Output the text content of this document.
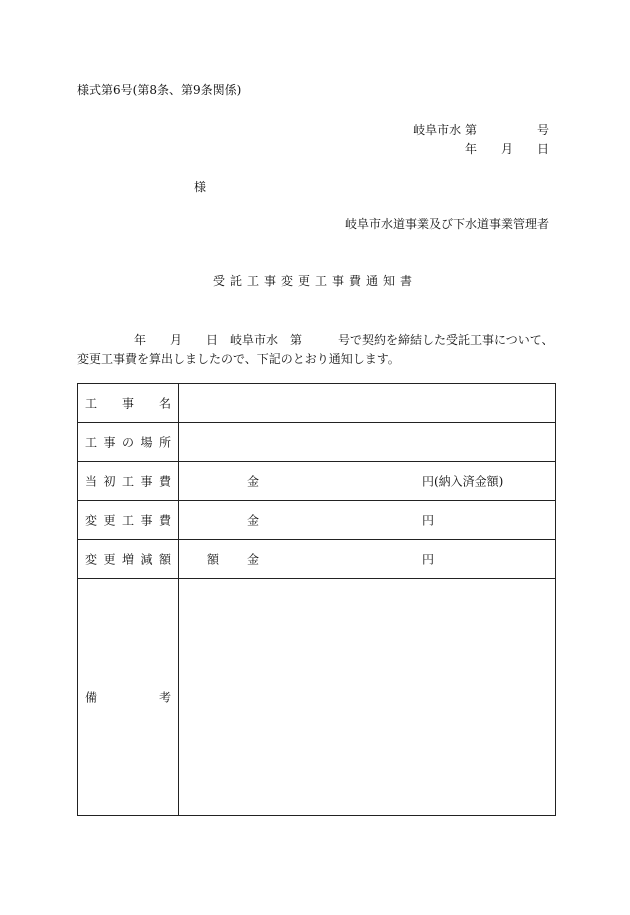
様式第6号(第8条、第9条関係)
岐阜市水 第　　　　　号
年　　月　　日
様
岐阜市水道事業及び下水道事業管理者
受託工事変更工事費通知書
年　　月　　日　岐阜市水　第　　　号で契約を締結した受託工事について、
変更工事費を算出しましたので、下記のとおり通知します。
工 事 名	

工 事 の 場 所	

当 初 工 事 費	金 円(納入済金額)

変 更 工 事 費	金 円

変 更 増 減 額	額 金 円

備 考	
